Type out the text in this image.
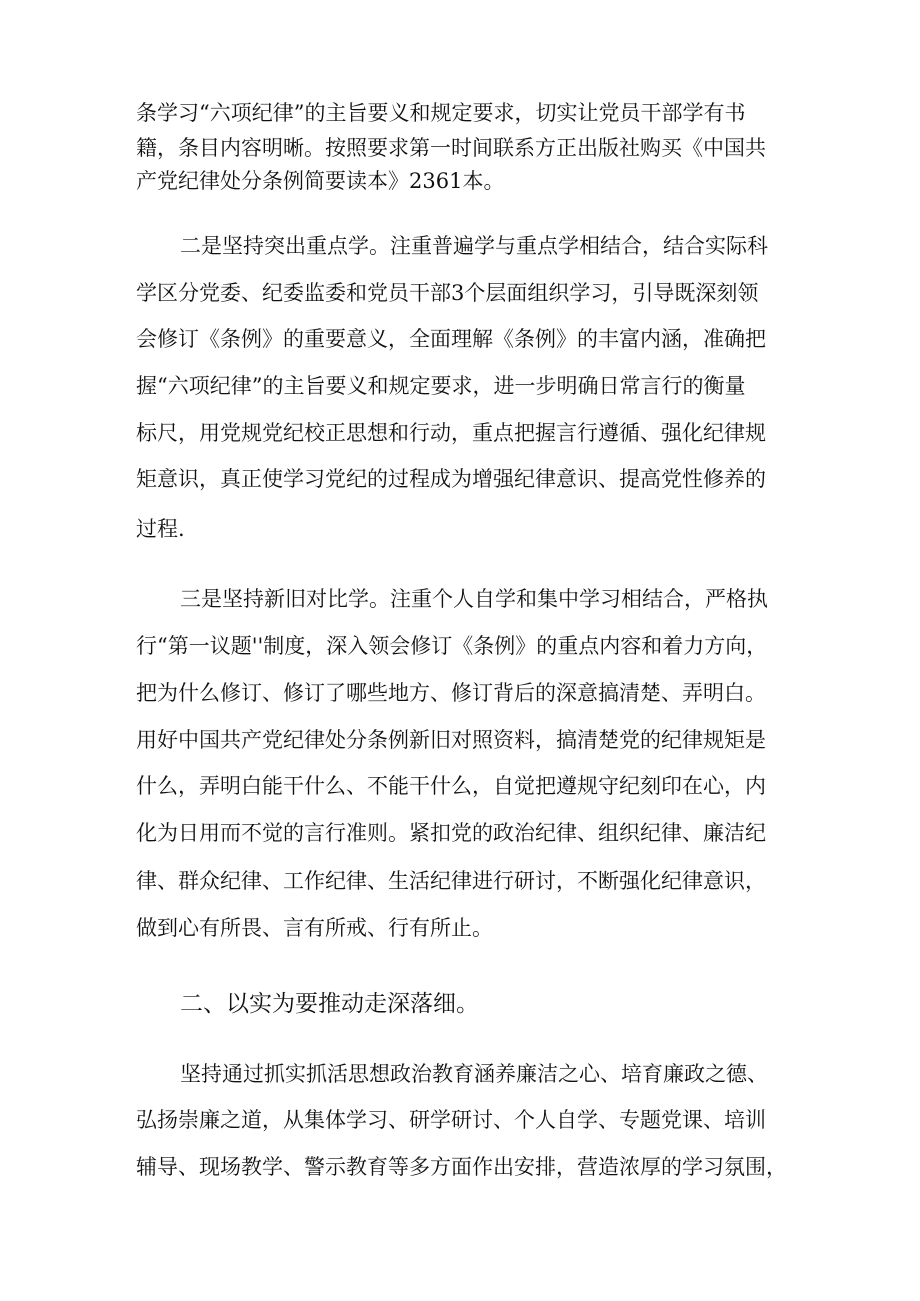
条学习“六项纪律”的主旨要义和规定要求，切实让党员干部学有书
籍，条目内容明晰。按照要求第一时间联系方正出版社购买《中国共
产党纪律处分条例简要读本》2361本。
二是坚持突出重点学。注重普遍学与重点学相结合，结合实际科
学区分党委、纪委监委和党员干部3个层面组织学习，引导既深刻领
会修订《条例》的重要意义，全面理解《条例》的丰富内涵，准确把
握“六项纪律”的主旨要义和规定要求，进一步明确日常言行的衡量
标尺，用党规党纪校正思想和行动，重点把握言行遵循、强化纪律规
矩意识，真正使学习党纪的过程成为增强纪律意识、提高党性修养的
过程.
三是坚持新旧对比学。注重个人自学和集中学习相结合，严格执
行“第一议题''制度，深入领会修订《条例》的重点内容和着力方向，
把为什么修订、修订了哪些地方、修订背后的深意搞清楚、弄明白。
用好中国共产党纪律处分条例新旧对照资料，搞清楚党的纪律规矩是
什么，弄明白能干什么、不能干什么，自觉把遵规守纪刻印在心，内
化为日用而不觉的言行准则。紧扣党的政治纪律、组织纪律、廉洁纪
律、群众纪律、工作纪律、生活纪律进行研讨，不断强化纪律意识，
做到心有所畏、言有所戒、行有所止。
二、以实为要推动走深落细。
坚持通过抓实抓活思想政治教育涵养廉洁之心、培育廉政之德、
弘扬崇廉之道，从集体学习、研学研讨、个人自学、专题党课、培训
辅导、现场教学、警示教育等多方面作出安排，营造浓厚的学习氛围，
